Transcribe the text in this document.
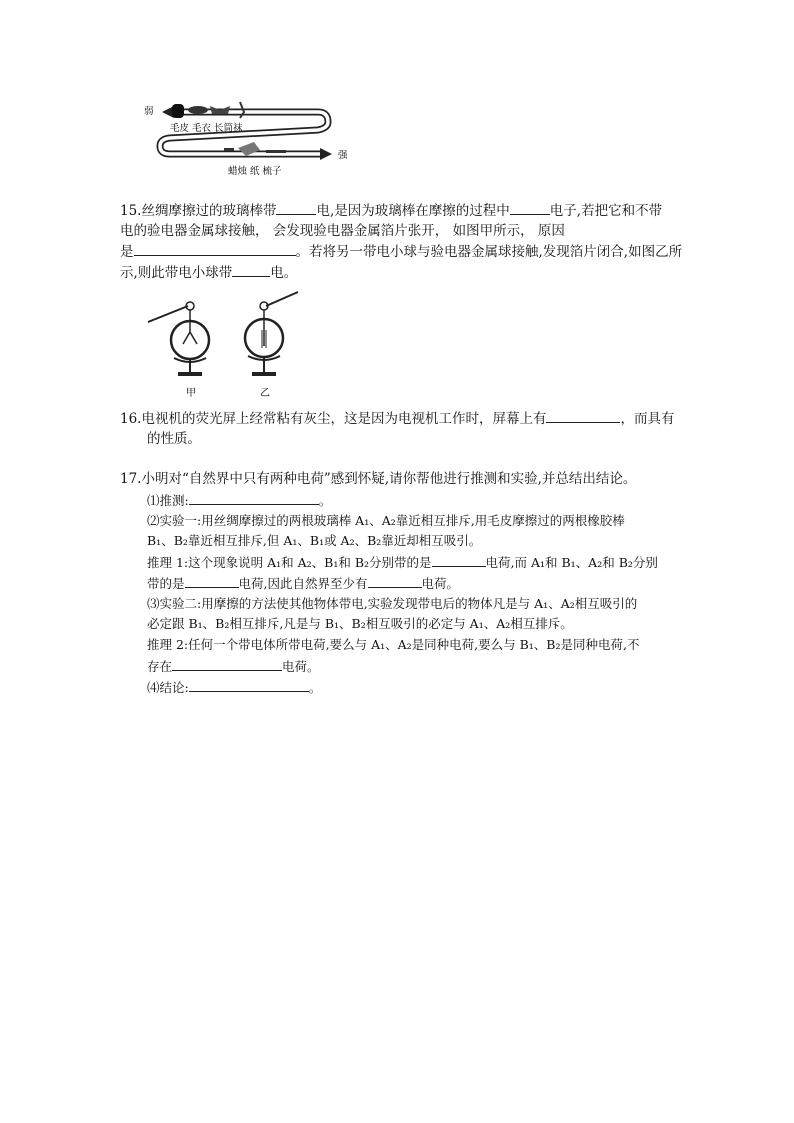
弱
强
毛皮 毛衣 长筒袜
蜡烛 纸 梳子
15.丝绸摩擦过的玻璃棒带	电,是因为玻璃棒在摩擦的过程中	电子,若把它和不带
电的验电器金属球接触， 会发现验电器金属箔片张开， 如图甲所示， 原因
是	。若将另一带电小球与验电器金属球接触,发现箔片闭合,如图乙所
示,则此带电小球带	电。
甲	乙
16.电视机的荧光屏上经常粘有灰尘，这是因为电视机工作时，屏幕上有	，而具有
的性质。
17.小明对“自然界中只有两种电荷”感到怀疑,请你帮他进行推测和实验,并总结出结论。
⑴推测:	。
⑵实验一:用丝绸摩擦过的两根玻璃棒 A₁、A₂靠近相互排斥,用毛皮摩擦过的两根橡胶棒
B₁、B₂靠近相互排斥,但 A₁、B₁或 A₂、B₂靠近却相互吸引。
推理 1:这个现象说明 A₁和 A₂、B₁和 B₂分别带的是	电荷,而 A₁和 B₁、A₂和 B₂分别
带的是	电荷,因此自然界至少有	电荷。
⑶实验二:用摩擦的方法使其他物体带电,实验发现带电后的物体凡是与 A₁、A₂相互吸引的
必定跟 B₁、B₂相互排斥,凡是与 B₁、B₂相互吸引的必定与 A₁、A₂相互排斥。
推理 2:任何一个带电体所带电荷,要么与 A₁、A₂是同种电荷,要么与 B₁、B₂是同种电荷,不
存在	电荷。
⑷结论:	。
